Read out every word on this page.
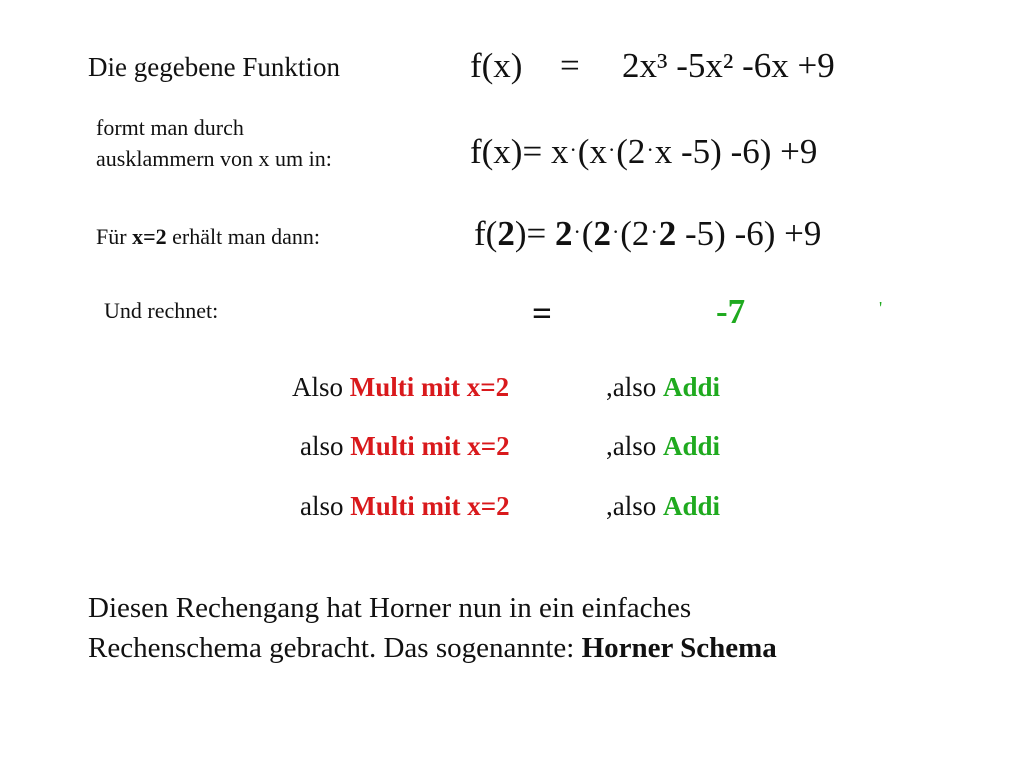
Die gegebene Funktion	f(x) = 2x³ -5x² -6x +9
formt man durch
ausklammern von x um in:	f(x)= x·(x·(2·x -5) -6) +9
Für x=2 erhält man dann:	f(2)= 2·(2·(2·2 -5) -6) +9
Und rechnet:	=	-7	'
Also Multi mit x=2	,also Addi
also Multi mit x=2	,also Addi
also Multi mit x=2	,also Addi
Diesen Rechengang hat Horner nun in ein einfaches
Rechenschema gebracht. Das sogenannte: Horner Schema
